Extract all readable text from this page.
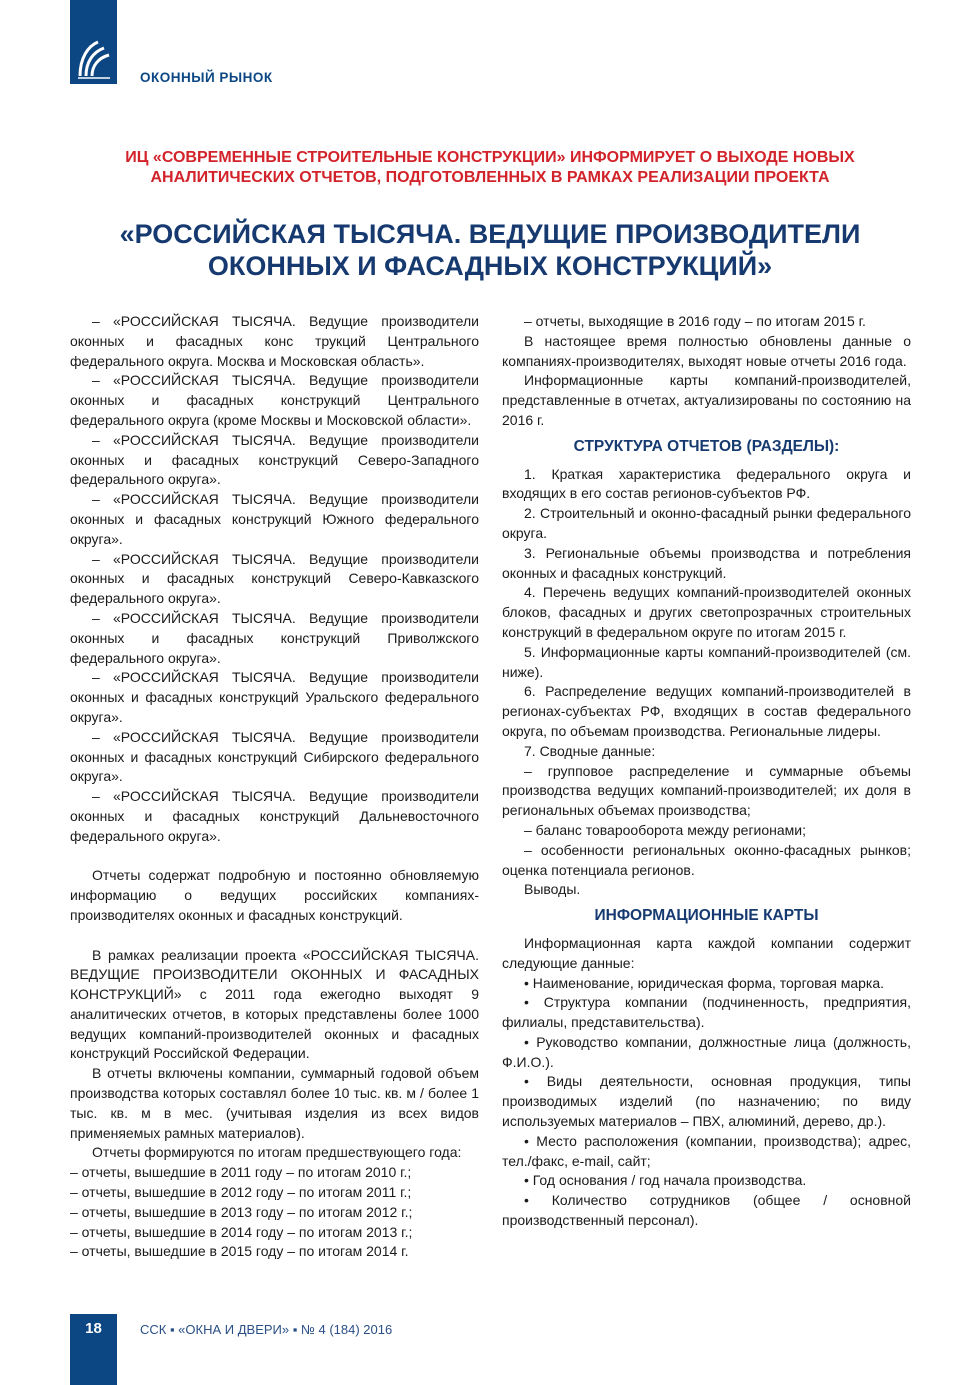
ОКОННЫЙ РЫНОК
ИЦ «СОВРЕМЕННЫЕ СТРОИТЕЛЬНЫЕ КОНСТРУКЦИИ» ИНФОРМИРУЕТ О ВЫХОДЕ НОВЫХ АНАЛИТИЧЕСКИХ ОТЧЕТОВ, ПОДГОТОВЛЕННЫХ В РАМКАХ РЕАЛИЗАЦИИ ПРОЕКТА
«РОССИЙСКАЯ ТЫСЯЧА. ВЕДУЩИЕ ПРОИЗВОДИТЕЛИ ОКОННЫХ И ФАСАДНЫХ КОНСТРУКЦИЙ»

– «РОССИЙСКАЯ ТЫСЯЧА. Ведущие производители оконных и фасадных конс трукций Центрального федерального округа. Москва и Московская область».

– «РОССИЙСКАЯ ТЫСЯЧА. Ведущие производители оконных и фасадных конструкций Центрального федерального округа (кроме Москвы и Московской области».

– «РОССИЙСКАЯ ТЫСЯЧА. Ведущие производители оконных и фасадных конструкций Северо-Западного федерального округа».

– «РОССИЙСКАЯ ТЫСЯЧА. Ведущие производители оконных и фасадных конструкций Южного федерального округа».

– «РОССИЙСКАЯ ТЫСЯЧА. Ведущие производители оконных и фасадных конструкций Северо-Кавказского федерального округа».

– «РОССИЙСКАЯ ТЫСЯЧА. Ведущие производители оконных и фасадных конструкций Приволжского федерального округа».

– «РОССИЙСКАЯ ТЫСЯЧА. Ведущие производители оконных и фасадных конструкций Уральского федерального округа».

– «РОССИЙСКАЯ ТЫСЯЧА. Ведущие производители оконных и фасадных конструкций Сибирского федерального округа».

– «РОССИЙСКАЯ ТЫСЯЧА. Ведущие производители оконных и фасадных конструкций Дальневосточного федерального округа».

Отчеты содержат подробную и постоянно обновляемую информацию о ведущих российских компаниях-производителях оконных и фасадных конструкций.

В рамках реализации проекта «РОССИЙСКАЯ ТЫСЯЧА. ВЕДУЩИЕ ПРОИЗВОДИТЕЛИ ОКОННЫХ И ФАСАДНЫХ КОНСТРУКЦИЙ» с 2011 года ежегодно выходят 9 аналитических отчетов, в которых представлены более 1000 ведущих компаний-производителей оконных и фасадных конструкций Российской Федерации.

В отчеты включены компании, суммарный годовой объем производства которых составлял более 10 тыс. кв. м / более 1 тыс. кв. м в мес. (учитывая изделия из всех видов применяемых рамных материалов).

Отчеты формируются по итогам предшествующего года:

– отчеты, вышедшие в 2011 году – по итогам 2010 г.;

– отчеты, вышедшие в 2012 году – по итогам 2011 г.;

– отчеты, вышедшие в 2013 году – по итогам 2012 г.;

– отчеты, вышедшие в 2014 году – по итогам 2013 г.;

– отчеты, вышедшие в 2015 году – по итогам 2014 г.

– отчеты, выходящие в 2016 году – по итогам 2015 г.

В настоящее время полностью обновлены данные о компаниях-производителях, выходят новые отчеты 2016 года.

Информационные карты компаний-производителей, представленные в отчетах, актуализированы по состоянию на 2016 г.

СТРУКТУРА ОТЧЕТОВ (РАЗДЕЛЫ):

1. Краткая характеристика федерального округа и входящих в его состав регионов-субъектов РФ.

2. Строительный и оконно-фасадный рынки федерального округа.

3. Региональные объемы производства и потребления оконных и фасадных конструкций.

4. Перечень ведущих компаний-производителей оконных блоков, фасадных и других светопрозрачных строительных конструкций в федеральном округе по итогам 2015 г.

5. Информационные карты компаний-производителей (см. ниже).

6. Распределение ведущих компаний-производителей в регионах-субъектах РФ, входящих в состав федерального округа, по объемам производства. Региональные лидеры.

7. Сводные данные:

– групповое распределение и суммарные объемы производства ведущих компаний-производителей; их доля в региональных объемах производства;

– баланс товарооборота между регионами;

– особенности региональных оконно-фасадных рынков; оценка потенциала регионов.

Выводы.

ИНФОРМАЦИОННЫЕ КАРТЫ

Информационная карта каждой компании содержит следующие данные:

• Наименование, юридическая форма, торговая марка.

• Структура компании (подчиненность, предприятия, филиалы, представительства).

• Руководство компании, должностные лица (должность, Ф.И.О.).

• Виды деятельности, основная продукция, типы производимых изделий (по назначению; по виду используемых материалов – ПВХ, алюминий, дерево, др.).

• Место расположения (компании, производства); адрес, тел./факс, e-mail, сайт;

• Год основания / год начала производства.

• Количество сотрудников (общее / основной производственный персонал).

18	ССК ▪ «ОКНА И ДВЕРИ» ▪ № 4 (184) 2016
